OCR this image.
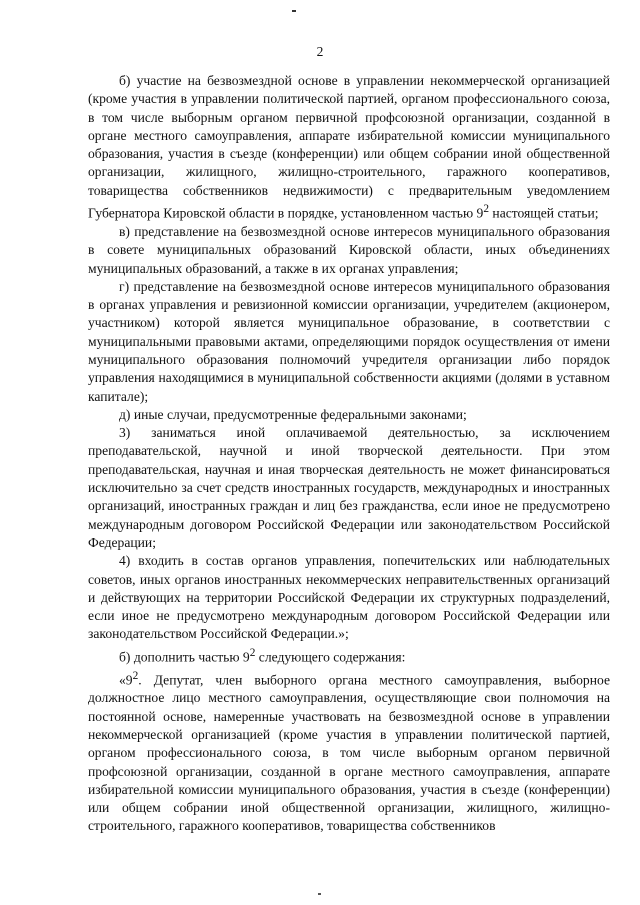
2

б) участие на безвозмездной основе в управлении некоммерческой организацией (кроме участия в управлении политической партией, органом профессионального союза, в том числе выборным органом первичной профсоюзной организации, созданной в органе местного самоуправления, аппарате избирательной комиссии муниципального образования, участия в съезде (конференции) или общем собрании иной общественной организации, жилищного, жилищно-строительного, гаражного кооперативов, товарищества собственников недвижимости) с предварительным уведомлением Губернатора Кировской области в порядке, установленном частью $9^2$ настоящей статьи;

в) представление на безвозмездной основе интересов муниципального образования в совете муниципальных образований Кировской области, иных объединениях муниципальных образований, а также в их органах управления;

г) представление на безвозмездной основе интересов муниципального образования в органах управления и ревизионной комиссии организации, учредителем (акционером, участником) которой является муниципальное образование, в соответствии с муниципальными правовыми актами, определяющими порядок осуществления от имени муниципального образования полномочий учредителя организации либо порядок управления находящимися в муниципальной собственности акциями (долями в уставном капитале);

д) иные случаи, предусмотренные федеральными законами;

3) заниматься иной оплачиваемой деятельностью, за исключением преподавательской, научной и иной творческой деятельности. При этом преподавательская, научная и иная творческая деятельность не может финансироваться исключительно за счет средств иностранных государств, международных и иностранных организаций, иностранных граждан и лиц без гражданства, если иное не предусмотрено международным договором Российской Федерации или законодательством Российской Федерации;

4) входить в состав органов управления, попечительских или наблюдательных советов, иных органов иностранных некоммерческих неправительственных организаций и действующих на территории Российской Федерации их структурных подразделений, если иное не предусмотрено международным договором Российской Федерации или законодательством Российской Федерации.»;

б) дополнить частью $9^2$ следующего содержания:

«$9^2$. Депутат, член выборного органа местного самоуправления, выборное должностное лицо местного самоуправления, осуществляющие свои полномочия на постоянной основе, намеренные участвовать на безвозмездной основе в управлении некоммерческой организацией (кроме участия в управлении политической партией, органом профессионального союза, в том числе выборным органом первичной профсоюзной организации, созданной в органе местного самоуправления, аппарате избирательной комиссии муниципального образования, участия в съезде (конференции) или общем собрании иной общественной организации, жилищного, жилищно-строительного, гаражного кооперативов, товарищества собственников
